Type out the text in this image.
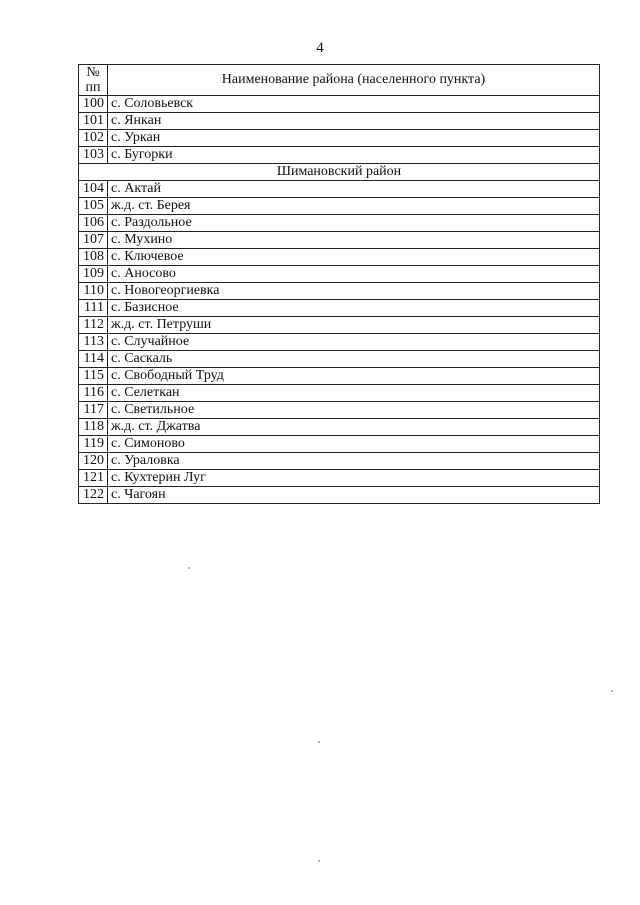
4
№
пп	Наименование района (населенного пункта)
100	с. Соловьевск
101	с. Янкан
102	с. Уркан
103	с. Бугорки
Шимановский район	
104	с. Актай
105	ж.д. ст. Берея
106	с. Раздольное
107	с. Мухино
108	с. Ключевое
109	с. Аносово
110	с. Новогеоргиевка
111	с. Базисное
112	ж.д. ст. Петруши
113	с. Случайное
114	с. Саскаль
115	с. Свободный Труд
116	с. Селеткан
117	с. Светильное
118	ж.д. ст. Джатва
119	с. Симоново
120	с. Ураловка
121	с. Кухтерин Луг
122	с. Чагоян
